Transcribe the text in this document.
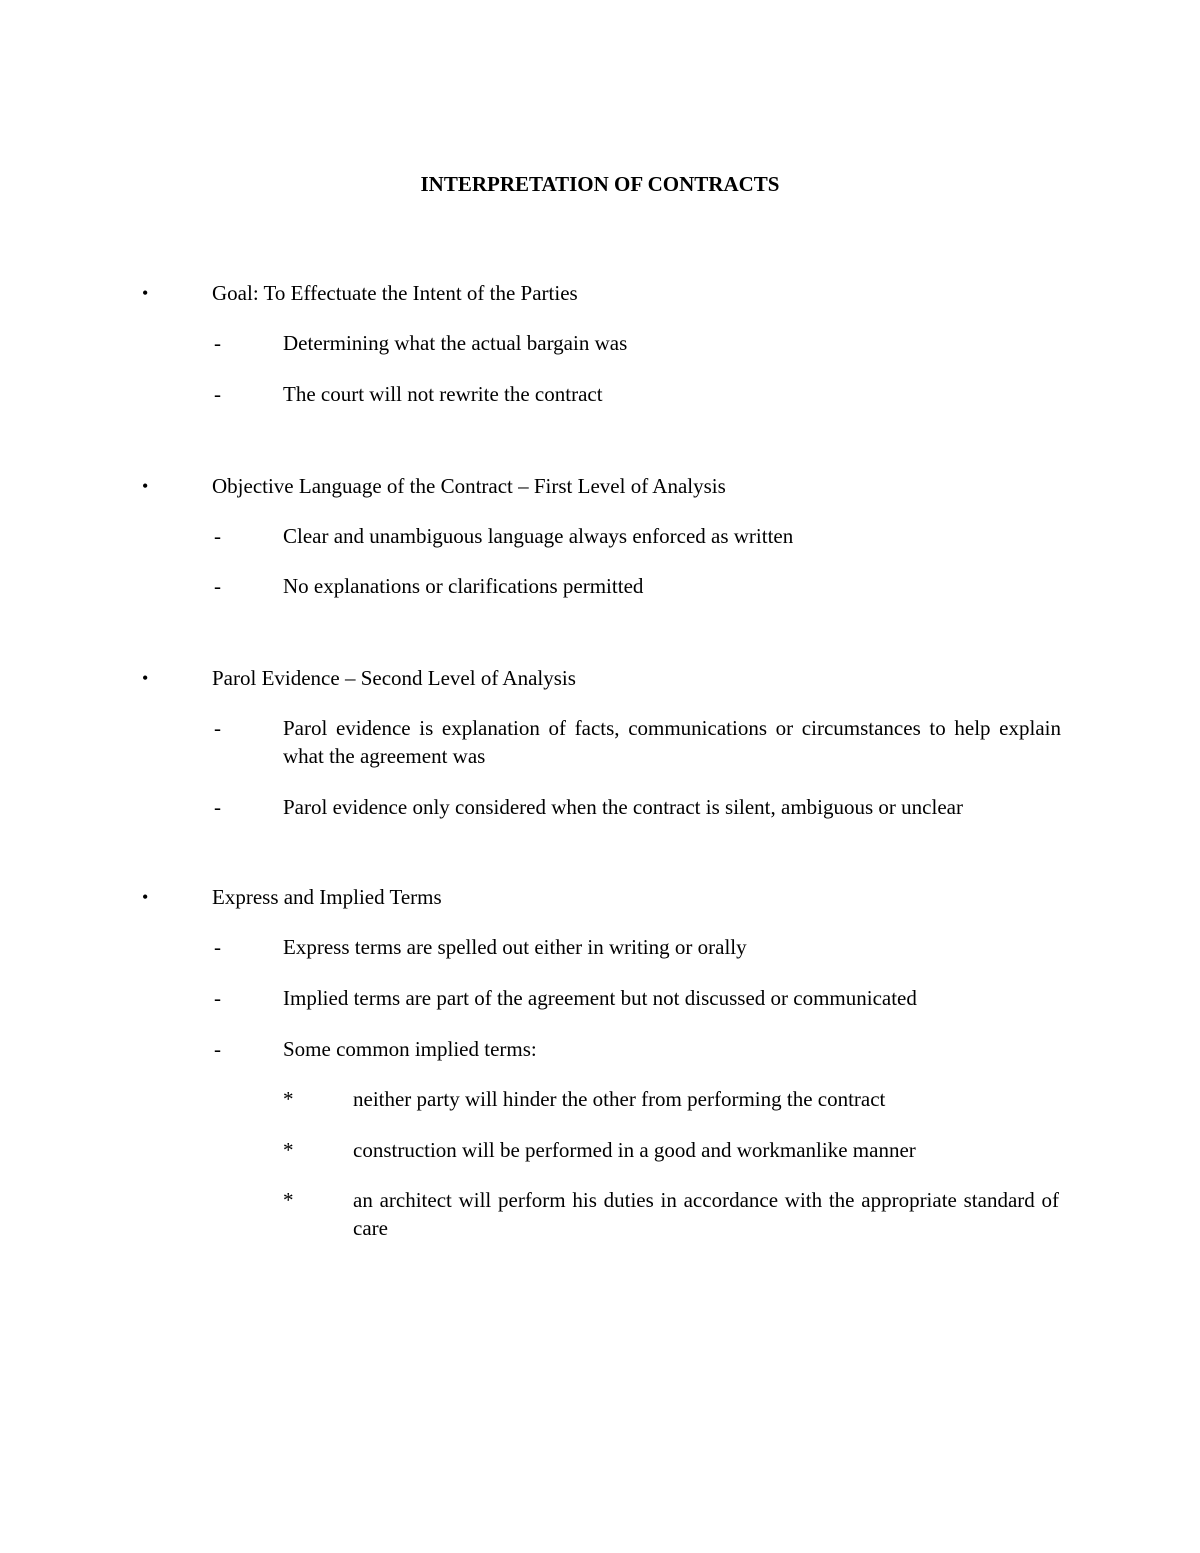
INTERPRETATION OF CONTRACTS
•	Goal: To Effectuate the Intent of the Parties
-	Determining what the actual bargain was
-	The court will not rewrite the contract
•	Objective Language of the Contract – First Level of Analysis
-	Clear and unambiguous language always enforced as written
-	No explanations or clarifications permitted
•	Parol Evidence – Second Level of Analysis
-	Parol evidence is explanation of facts, communications or circumstances to help explain what the agreement was
-	Parol evidence only considered when the contract is silent, ambiguous or unclear
•	Express and Implied Terms
-	Express terms are spelled out either in writing or orally
-	Implied terms are part of the agreement but not discussed or communicated
-	Some common implied terms:
*	neither party will hinder the other from performing the contract
*	construction will be performed in a good and workmanlike manner
*	an architect will perform his duties in accordance with the appropriate standard of care
